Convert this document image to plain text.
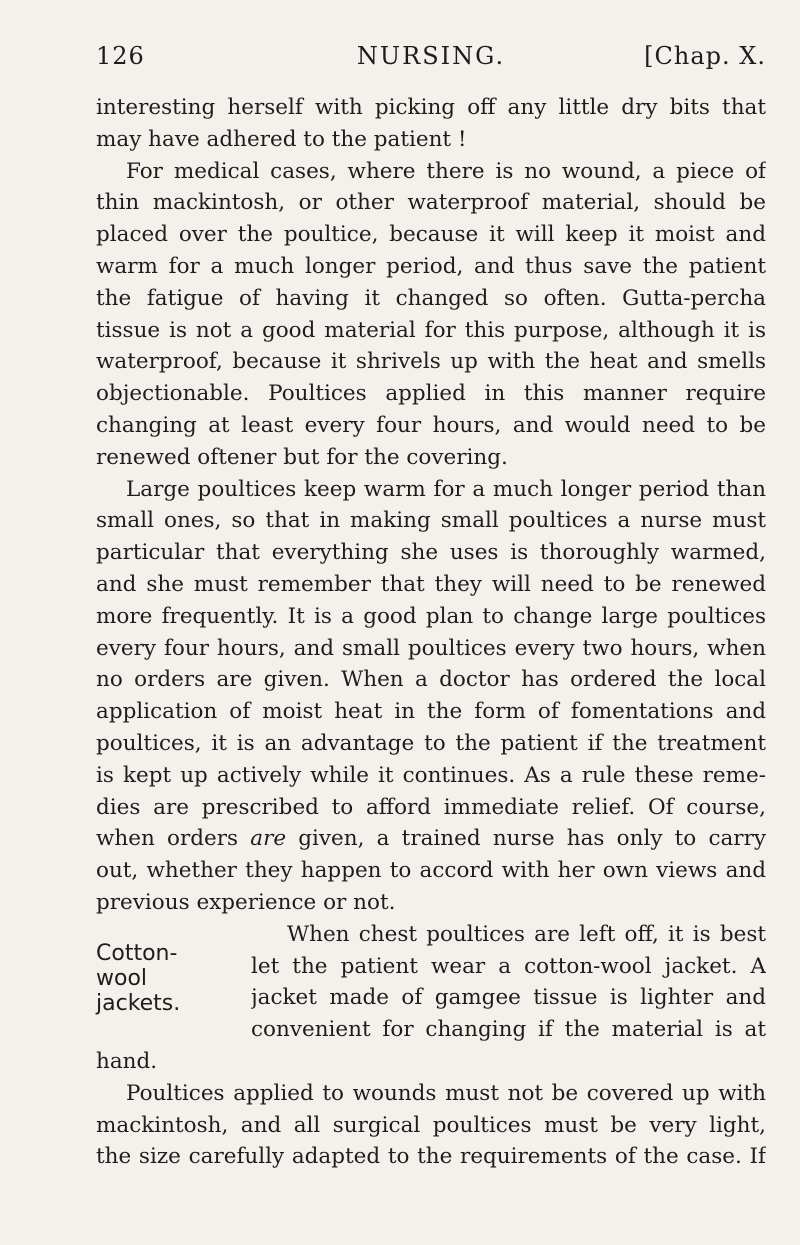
126	NURSING.	[Chap. X.
interesting herself with picking off any little dry bits that
may have adhered to the patient !
For medical cases, where there is no wound, a piece of
thin mackintosh, or other waterproof material, should be
placed over the poultice, because it will keep it moist and
warm for a much longer period, and thus save the patient
the fatigue of having it changed so often. Gutta-percha
tissue is not a good material for this purpose, although it is
waterproof, because it shrivels up with the heat and smells
objectionable. Poultices applied in this manner require
changing at least every four hours, and would need to be
renewed oftener but for the covering.
Large poultices keep warm for a much longer period than
small ones, so that in making small poultices a nurse must
particular that everything she uses is thoroughly warmed,
and she must remember that they will need to be renewed
more frequently. It is a good plan to change large poultices
every four hours, and small poultices every two hours, when
no orders are given. When a doctor has ordered the local
application of moist heat in the form of fomentations and
poultices, it is an advantage to the patient if the treatment
is kept up actively while it continues. As a rule these reme-
dies are prescribed to afford immediate relief. Of course,
when orders are given, a trained nurse has only to carry
out, whether they happen to accord with her own views and
previous experience or not.
Cotton-
wool
jackets.
When chest poultices are left off, it is best
let the patient wear a cotton-wool jacket. A
jacket made of gamgee tissue is lighter and
convenient for changing if the material is at
hand.
Poultices applied to wounds must not be covered up with
mackintosh, and all surgical poultices must be very light,
the size carefully adapted to the requirements of the case. If
